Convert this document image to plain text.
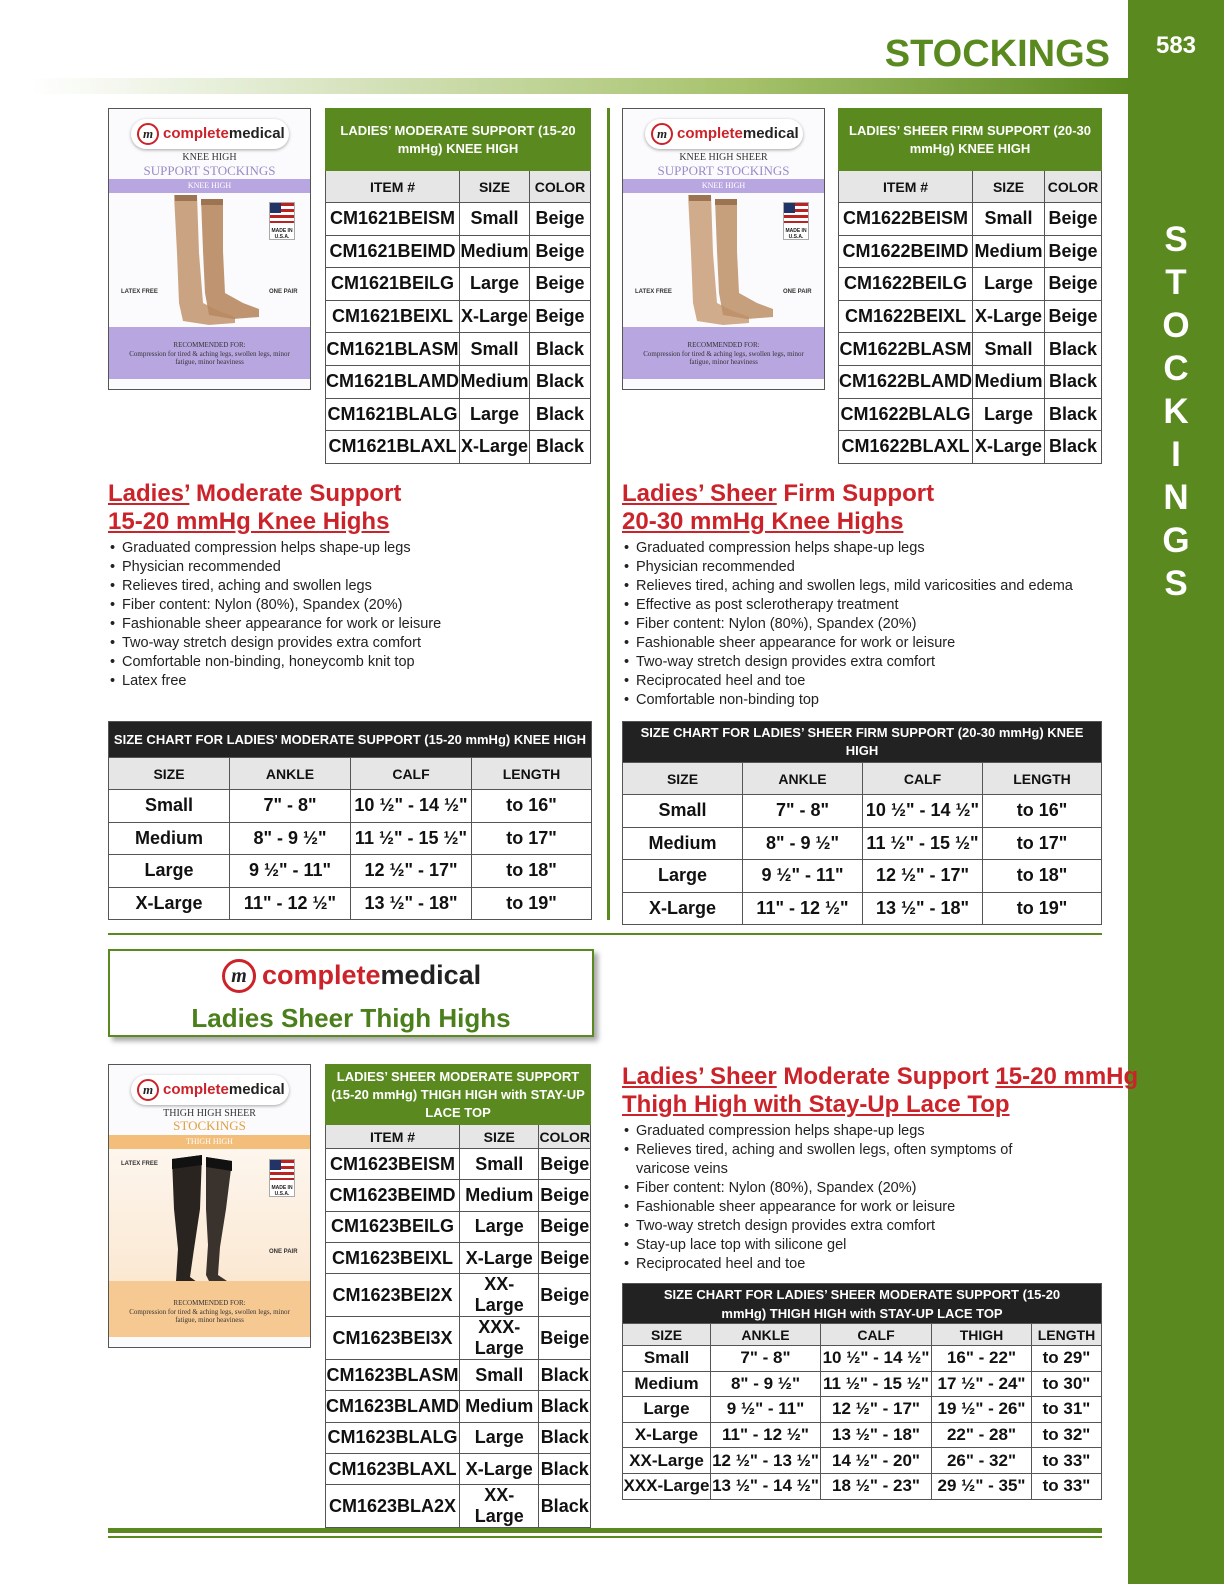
583
S
T
O
C
K
I
N
G
S
STOCKINGS
m completemedical
KNEE HIGH
SUPPORT STOCKINGS
KNEE HIGH
MADE IN U.S.A.
LATEX FREE	ONE PAIR
RECOMMENDED FOR:
Compression for tired & aching legs, swollen legs, minor fatigue, minor heaviness
LADIES’ MODERATE SUPPORT (15-20 mmHg) KNEE HIGH		
ITEM #	SIZE	COLOR
CM1621BEISM	Small	Beige
CM1621BEIMD	Medium	Beige
CM1621BEILG	Large	Beige
CM1621BEIXL	X-Large	Beige
CM1621BLASM	Small	Black
CM1621BLAMD	Medium	Black
CM1621BLALG	Large	Black
CM1621BLAXL	X-Large	Black
Ladies’ Moderate Support
15-20 mmHg Knee Highs
• Graduated compression helps shape-up legs
• Physician recommended
• Relieves tired, aching and swollen legs
• Fiber content: Nylon (80%), Spandex (20%)
• Fashionable sheer appearance for work or leisure
• Two-way stretch design provides extra comfort
• Comfortable non-binding, honeycomb knit top
• Latex free
SIZE CHART FOR LADIES’ MODERATE SUPPORT (15-20 mmHg) KNEE HIGH			
SIZE	ANKLE	CALF	LENGTH
Small	7" - 8"	10 ½" - 14 ½"	to 16"
Medium	8" - 9 ½"	11 ½" - 15 ½"	to 17"
Large	9 ½" - 11"	12 ½" - 17"	to 18"
X-Large	11" - 12 ½"	13 ½" - 18"	to 19"
m completemedical
KNEE HIGH SHEER
SUPPORT STOCKINGS
KNEE HIGH
MADE IN U.S.A.
LATEX FREE	ONE PAIR
RECOMMENDED FOR:
Compression for tired & aching legs, swollen legs, minor fatigue, minor heaviness
LADIES’ SHEER FIRM SUPPORT (20-30 mmHg) KNEE HIGH		
ITEM #	SIZE	COLOR
CM1622BEISM	Small	Beige
CM1622BEIMD	Medium	Beige
CM1622BEILG	Large	Beige
CM1622BEIXL	X-Large	Beige
CM1622BLASM	Small	Black
CM1622BLAMD	Medium	Black
CM1622BLALG	Large	Black
CM1622BLAXL	X-Large	Black
Ladies’ Sheer Firm Support
20-30 mmHg Knee Highs
• Graduated compression helps shape-up legs
• Physician recommended
• Relieves tired, aching and swollen legs, mild varicosities and edema
• Effective as post sclerotherapy treatment
• Fiber content: Nylon (80%), Spandex (20%)
• Fashionable sheer appearance for work or leisure
• Two-way stretch design provides extra comfort
• Reciprocated heel and toe
• Comfortable non-binding top
SIZE CHART FOR LADIES’ SHEER FIRM SUPPORT (20-30 mmHg) KNEE HIGH			
SIZE	ANKLE	CALF	LENGTH
Small	7" - 8"	10 ½" - 14 ½"	to 16"
Medium	8" - 9 ½"	11 ½" - 15 ½"	to 17"
Large	9 ½" - 11"	12 ½" - 17"	to 18"
X-Large	11" - 12 ½"	13 ½" - 18"	to 19"
m completemedical
Ladies Sheer Thigh Highs
m completemedical
THIGH HIGH SHEER
STOCKINGS
THIGH HIGH
MADE IN U.S.A.
LATEX FREE
ONE PAIR
RECOMMENDED FOR:
Compression for tired & aching legs, swollen legs, minor fatigue, minor heaviness
LADIES’ SHEER MODERATE SUPPORT (15-20 mmHg) THIGH HIGH with STAY-UP LACE TOP		
ITEM #	SIZE	COLOR
CM1623BEISM	Small	Beige
CM1623BEIMD	Medium	Beige
CM1623BEILG	Large	Beige
CM1623BEIXL	X-Large	Beige
CM1623BEI2X	XX-Large	Beige
CM1623BEI3X	XXX-Large	Beige
CM1623BLASM	Small	Black
CM1623BLAMD	Medium	Black
CM1623BLALG	Large	Black
CM1623BLAXL	X-Large	Black
CM1623BLA2X	XX-Large	Black
Ladies’ Sheer Moderate Support 15-20 mmHg
Thigh High with Stay-Up Lace Top
• Graduated compression helps shape-up legs
• Relieves tired, aching and swollen legs, often symptoms of varicose veins
• Fiber content: Nylon (80%), Spandex (20%)
• Fashionable sheer appearance for work or leisure
• Two-way stretch design provides extra comfort
• Stay-up lace top with silicone gel
• Reciprocated heel and toe
SIZE CHART FOR LADIES’ SHEER MODERATE SUPPORT (15-20 mmHg) THIGH HIGH with STAY-UP LACE TOP				
SIZE	ANKLE	CALF	THIGH	LENGTH
Small	7" - 8"	10 ½" - 14 ½"	16" - 22"	to 29"
Medium	8" - 9 ½"	11 ½" - 15 ½"	17 ½" - 24"	to 30"
Large	9 ½" - 11"	12 ½" - 17"	19 ½" - 26"	to 31"
X-Large	11" - 12 ½"	13 ½" - 18"	22" - 28"	to 32"
XX-Large	12 ½" - 13 ½"	14 ½" - 20"	26" - 32"	to 33"
XXX-Large	13 ½" - 14 ½"	18 ½" - 23"	29 ½" - 35"	to 33"
